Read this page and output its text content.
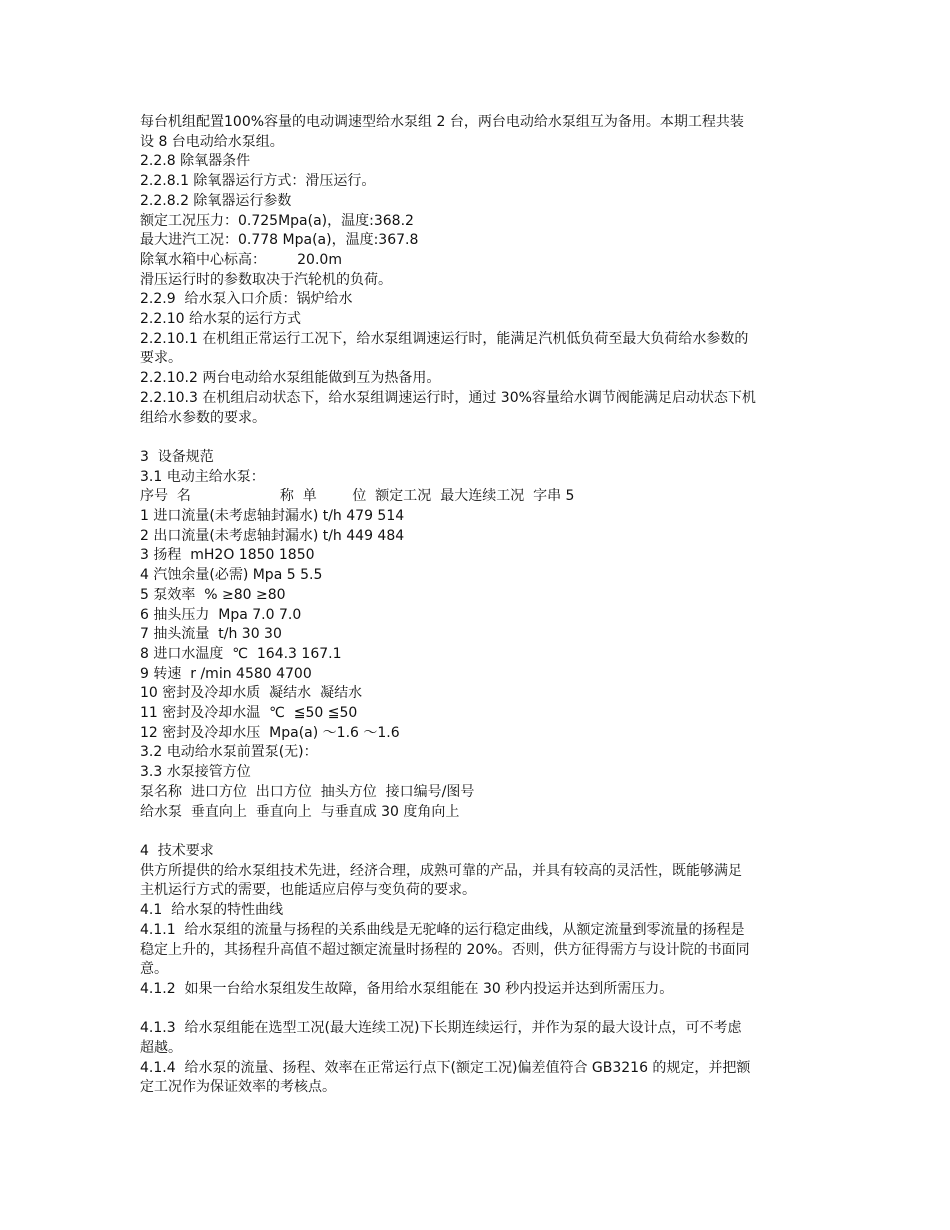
每台机组配置100%容量的电动调速型给水泵组 2 台，两台电动给水泵组互为备用。本期工程共装
设 8 台电动给水泵组。
2.2.8 除氧器条件
2.2.8.1 除氧器运行方式：滑压运行。
2.2.8.2 除氧器运行参数
额定工况压力：0.725Mpa(a)，温度:368.2
最大进汽工况：0.778 Mpa(a)，温度:367.8
除氧水箱中心标高：       20.0m
滑压运行时的参数取决于汽轮机的负荷。
2.2.9  给水泵入口介质：锅炉给水
2.2.10 给水泵的运行方式
2.2.10.1 在机组正常运行工况下，给水泵组调速运行时，能满足汽机低负荷至最大负荷给水参数的
要求。
2.2.10.2 两台电动给水泵组能做到互为热备用。
2.2.10.3 在机组启动状态下，给水泵组调速运行时，通过 30%容量给水调节阀能满足启动状态下机
组给水参数的要求。
3  设备规范
3.1 电动主给水泵：
序号  名                    称  单        位  额定工况  最大连续工况  字串 5
1 进口流量(未考虑轴封漏水) t/h 479 514
2 出口流量(未考虑轴封漏水) t/h 449 484
3 扬程  mH2O 1850 1850
4 汽蚀余量(必需) Mpa 5 5.5
5 泵效率  % ≥80 ≥80
6 抽头压力  Mpa 7.0 7.0
7 抽头流量  t/h 30 30
8 进口水温度  ℃  164.3 167.1
9 转速  r /min 4580 4700
10 密封及冷却水质  凝结水  凝结水
11 密封及冷却水温  ℃  ≦50 ≦50
12 密封及冷却水压  Mpa(a) ～1.6 ～1.6
3.2 电动给水泵前置泵(无)：
3.3 水泵接管方位
泵名称  进口方位  出口方位  抽头方位  接口编号/图号
给水泵  垂直向上  垂直向上  与垂直成 30 度角向上
4  技术要求
供方所提供的给水泵组技术先进，经济合理，成熟可靠的产品，并具有较高的灵活性，既能够满足
主机运行方式的需要，也能适应启停与变负荷的要求。
4.1  给水泵的特性曲线
4.1.1  给水泵组的流量与扬程的关系曲线是无驼峰的运行稳定曲线，从额定流量到零流量的扬程是
稳定上升的，其扬程升高值不超过额定流量时扬程的 20%。否则，供方征得需方与设计院的书面同
意。
4.1.2  如果一台给水泵组发生故障，备用给水泵组能在 30 秒内投运并达到所需压力。
4.1.3  给水泵组能在选型工况(最大连续工况)下长期连续运行，并作为泵的最大设计点，可不考虑
超越。
4.1.4  给水泵的流量、扬程、效率在正常运行点下(额定工况)偏差值符合 GB3216 的规定，并把额
定工况作为保证效率的考核点。
